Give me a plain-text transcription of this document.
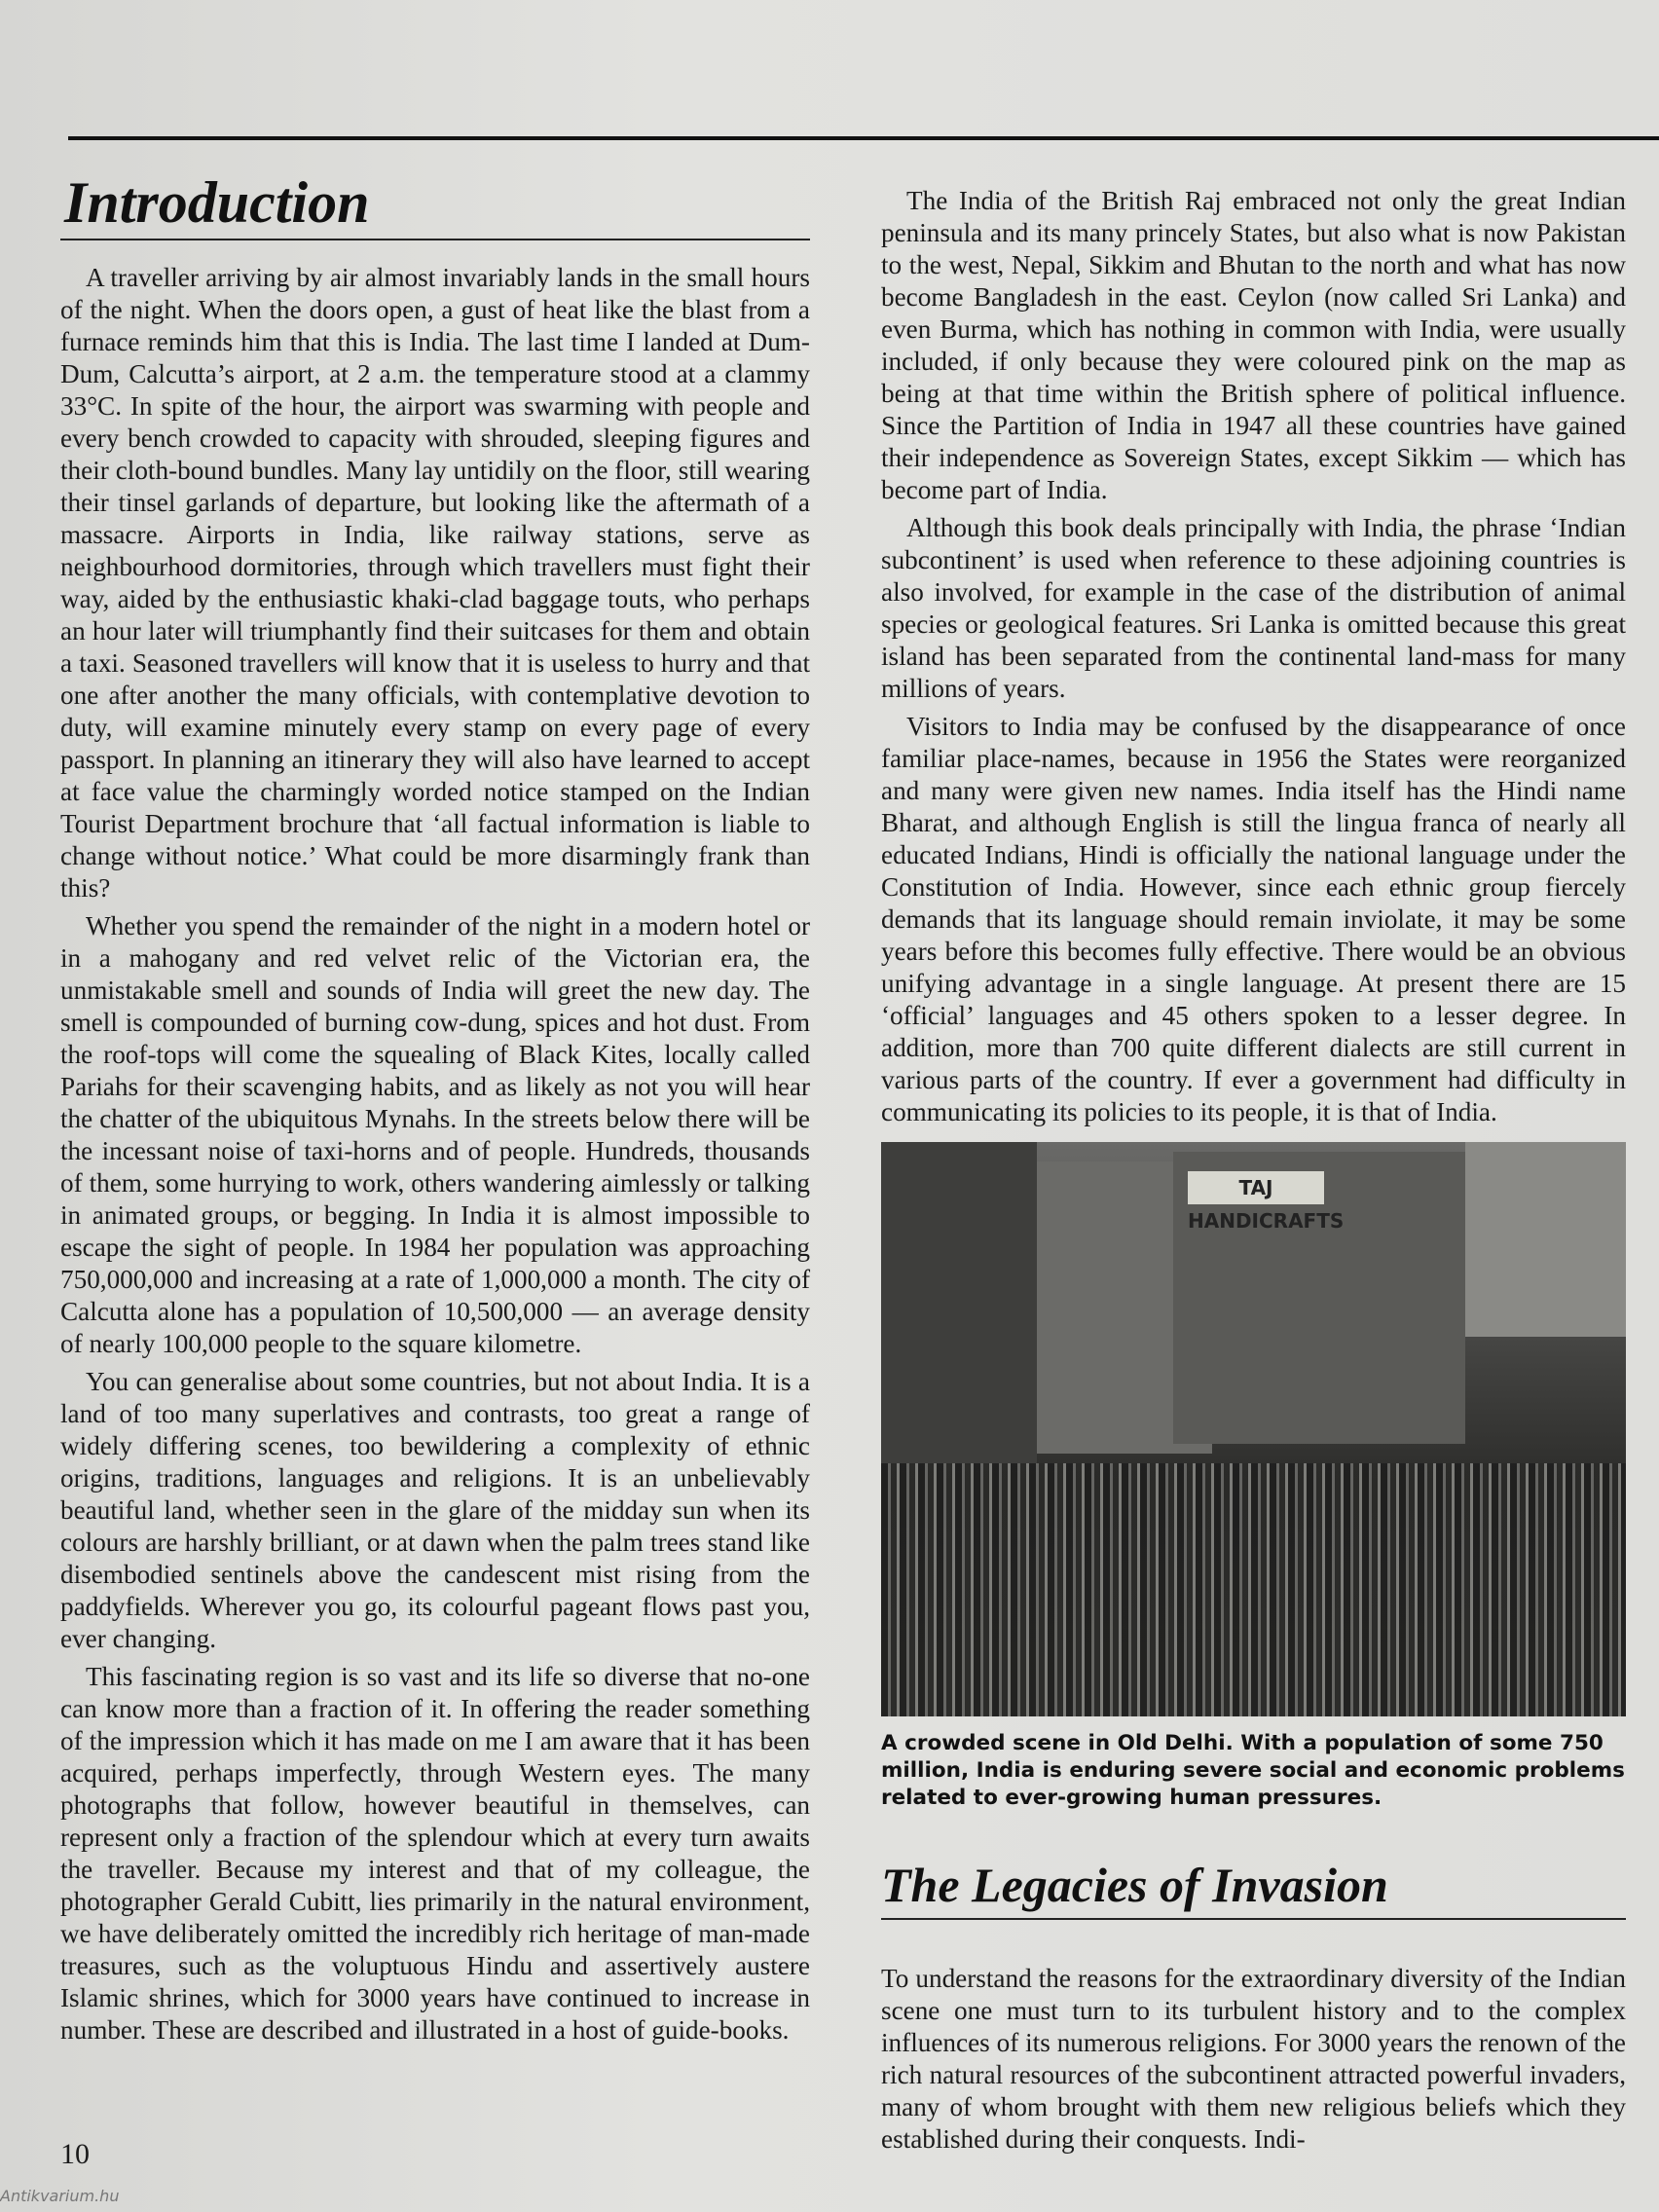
Introduction

A traveller arriving by air almost invariably lands in the small hours of the night. When the doors open, a gust of heat like the blast from a furnace reminds him that this is India. The last time I landed at Dum-Dum, Calcutta’s airport, at 2 a.m. the temperature stood at a clammy 33°C. In spite of the hour, the airport was swarming with people and every bench crowded to capacity with shrouded, sleeping figures and their cloth-bound bundles. Many lay untidily on the floor, still wearing their tinsel garlands of departure, but looking like the aftermath of a massacre. Airports in India, like railway stations, serve as neighbourhood dormitories, through which travellers must fight their way, aided by the enthusiastic khaki-clad baggage touts, who perhaps an hour later will triumphantly find their suitcases for them and obtain a taxi. Seasoned travellers will know that it is useless to hurry and that one after another the many officials, with contemplative devotion to duty, will examine minutely every stamp on every page of every passport. In planning an itinerary they will also have learned to accept at face value the charmingly worded notice stamped on the Indian Tourist Department brochure that ‘all factual information is liable to change without notice.’ What could be more disarmingly frank than this?

Whether you spend the remainder of the night in a modern hotel or in a mahogany and red velvet relic of the Victorian era, the unmistakable smell and sounds of India will greet the new day. The smell is compounded of burning cow-dung, spices and hot dust. From the roof-tops will come the squealing of Black Kites, locally called Pariahs for their scavenging habits, and as likely as not you will hear the chatter of the ubiquitous Mynahs. In the streets below there will be the incessant noise of taxi-horns and of people. Hundreds, thousands of them, some hurrying to work, others wandering aimlessly or talking in animated groups, or begging. In India it is almost impossible to escape the sight of people. In 1984 her population was approaching 750,000,000 and increasing at a rate of 1,000,000 a month. The city of Calcutta alone has a population of 10,500,000 — an average density of nearly 100,000 people to the square kilometre.

You can generalise about some countries, but not about India. It is a land of too many superlatives and contrasts, too great a range of widely differing scenes, too bewildering a complexity of ethnic origins, traditions, languages and religions. It is an unbelievably beautiful land, whether seen in the glare of the midday sun when its colours are harshly brilliant, or at dawn when the palm trees stand like disembodied sentinels above the candescent mist rising from the paddyfields. Wherever you go, its colourful pageant flows past you, ever changing.

This fascinating region is so vast and its life so diverse that no-one can know more than a fraction of it. In offering the reader something of the impression which it has made on me I am aware that it has been acquired, perhaps imperfectly, through Western eyes. The many photographs that follow, however beautiful in themselves, can represent only a fraction of the splendour which at every turn awaits the traveller. Because my interest and that of my colleague, the photographer Gerald Cubitt, lies primarily in the natural environment, we have deliberately omitted the incredibly rich heritage of man-made treasures, such as the voluptuous Hindu and assertively austere Islamic shrines, which for 3000 years have continued to increase in number. These are described and illustrated in a host of guide-books.

The India of the British Raj embraced not only the great Indian peninsula and its many princely States, but also what is now Pakistan to the west, Nepal, Sikkim and Bhutan to the north and what has now become Bangladesh in the east. Ceylon (now called Sri Lanka) and even Burma, which has nothing in common with India, were usually included, if only because they were coloured pink on the map as being at that time within the British sphere of political influence. Since the Partition of India in 1947 all these countries have gained their independence as Sovereign States, except Sikkim — which has become part of India.

Although this book deals principally with India, the phrase ‘Indian subcontinent’ is used when reference to these adjoining countries is also involved, for example in the case of the distribution of animal species or geological features. Sri Lanka is omitted because this great island has been separated from the continental land-mass for many millions of years.

Visitors to India may be confused by the disappearance of once familiar place-names, because in 1956 the States were reorganized and many were given new names. India itself has the Hindi name Bharat, and although English is still the lingua franca of nearly all educated Indians, Hindi is officially the national language under the Constitution of India. However, since each ethnic group fiercely demands that its language should remain inviolate, it may be some years before this becomes fully effective. There would be an obvious unifying advantage in a single language. At present there are 15 ‘official’ languages and 45 others spoken to a lesser degree. In addition, more than 700 quite different dialects are still current in various parts of the country. If ever a government had difficulty in communicating its policies to its people, it is that of India.

TAJ HANDICRAFTS
A crowded scene in Old Delhi. With a population of some 750 million, India is enduring severe social and economic problems related to ever-growing human pressures.
The Legacies of Invasion

To understand the reasons for the extraordinary diversity of the Indian scene one must turn to its turbulent history and to the complex influences of its numerous religions. For 3000 years the renown of the rich natural resources of the subcontinent attracted powerful invaders, many of whom brought with them new religious beliefs which they established during their conquests. Indi-

10
Antikvarium.hu
